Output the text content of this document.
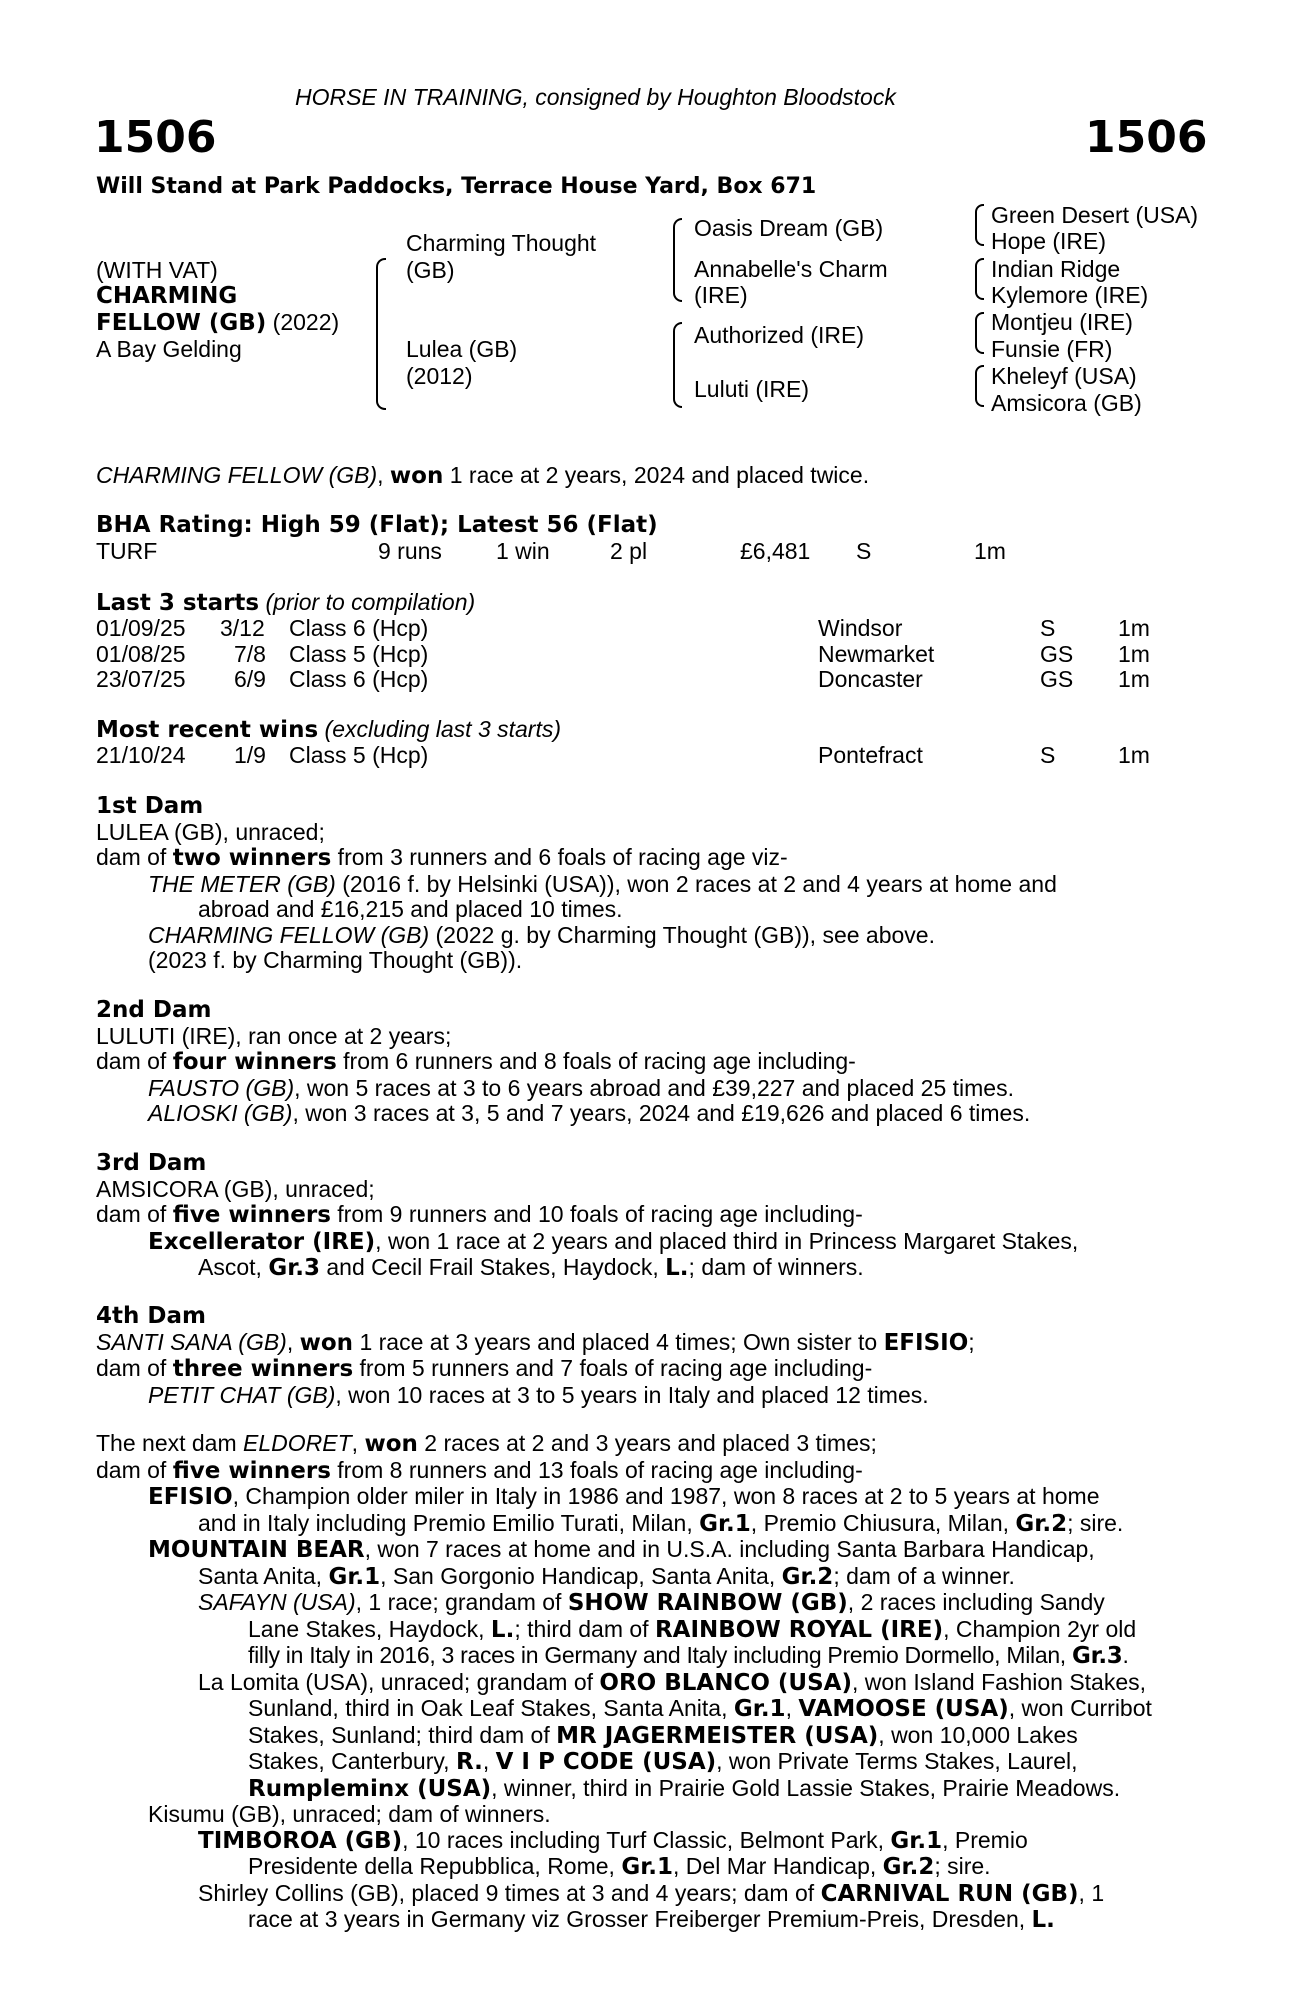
HORSE IN TRAINING, consigned by Houghton Bloodstock
1506	1506
Will Stand at Park Paddocks, Terrace House Yard, Box 671
(WITH VAT)
CHARMING
FELLOW (GB) (2022)
A Bay Gelding
Charming Thought
(GB)
Lulea (GB)
(2012)
Oasis Dream (GB)
Annabelle's Charm
(IRE)
Authorized (IRE)
Luluti (IRE)
Green Desert (USA)
Hope (IRE)
Indian Ridge
Kylemore (IRE)
Montjeu (IRE)
Funsie (FR)
Kheleyf (USA)
Amsicora (GB)
CHARMING FELLOW (GB), won 1 race at 2 years, 2024 and placed twice.
BHA Rating: High 59 (Flat); Latest 56 (Flat)
TURF	9 runs 1 win	2 pl	£6,481 S	1m
Last 3 starts (prior to compilation)
01/09/25 3/12 Class 6 (Hcp)	Windsor	S	1m
01/08/25 7/8 Class 5 (Hcp)	Newmarket	GS 1m
23/07/25 6/9 Class 6 (Hcp)	Doncaster	GS 1m
Most recent wins (excluding last 3 starts)
21/10/24 1/9 Class 5 (Hcp)	Pontefract	S	1m
1st Dam
LULEA (GB), unraced;
dam of two winners from 3 runners and 6 foals of racing age viz-
THE METER (GB) (2016 f. by Helsinki (USA)), won 2 races at 2 and 4 years at home and
abroad and £16,215 and placed 10 times.
CHARMING FELLOW (GB) (2022 g. by Charming Thought (GB)), see above.
(2023 f. by Charming Thought (GB)).
2nd Dam
LULUTI (IRE), ran once at 2 years;
dam of four winners from 6 runners and 8 foals of racing age including-
FAUSTO (GB), won 5 races at 3 to 6 years abroad and £39,227 and placed 25 times.
ALIOSKI (GB), won 3 races at 3, 5 and 7 years, 2024 and £19,626 and placed 6 times.
3rd Dam
AMSICORA (GB), unraced;
dam of five winners from 9 runners and 10 foals of racing age including-
Excellerator (IRE), won 1 race at 2 years and placed third in Princess Margaret Stakes,
Ascot, Gr.3 and Cecil Frail Stakes, Haydock, L.; dam of winners.
4th Dam
SANTI SANA (GB), won 1 race at 3 years and placed 4 times; Own sister to EFISIO;
dam of three winners from 5 runners and 7 foals of racing age including-
PETIT CHAT (GB), won 10 races at 3 to 5 years in Italy and placed 12 times.
The next dam ELDORET, won 2 races at 2 and 3 years and placed 3 times;
dam of five winners from 8 runners and 13 foals of racing age including-
EFISIO, Champion older miler in Italy in 1986 and 1987, won 8 races at 2 to 5 years at home
and in Italy including Premio Emilio Turati, Milan, Gr.1, Premio Chiusura, Milan, Gr.2; sire.
MOUNTAIN BEAR, won 7 races at home and in U.S.A. including Santa Barbara Handicap,
Santa Anita, Gr.1, San Gorgonio Handicap, Santa Anita, Gr.2; dam of a winner.
SAFAYN (USA), 1 race; grandam of SHOW RAINBOW (GB), 2 races including Sandy
Lane Stakes, Haydock, L.; third dam of RAINBOW ROYAL (IRE), Champion 2yr old
filly in Italy in 2016, 3 races in Germany and Italy including Premio Dormello, Milan, Gr.3.
La Lomita (USA), unraced; grandam of ORO BLANCO (USA), won Island Fashion Stakes,
Sunland, third in Oak Leaf Stakes, Santa Anita, Gr.1, VAMOOSE (USA), won Curribot
Stakes, Sunland; third dam of MR JAGERMEISTER (USA), won 10,000 Lakes
Stakes, Canterbury, R., V I P CODE (USA), won Private Terms Stakes, Laurel,
Rumpleminx (USA), winner, third in Prairie Gold Lassie Stakes, Prairie Meadows.
Kisumu (GB), unraced; dam of winners.
TIMBOROA (GB), 10 races including Turf Classic, Belmont Park, Gr.1, Premio
Presidente della Repubblica, Rome, Gr.1, Del Mar Handicap, Gr.2; sire.
Shirley Collins (GB), placed 9 times at 3 and 4 years; dam of CARNIVAL RUN (GB), 1
race at 3 years in Germany viz Grosser Freiberger Premium-Preis, Dresden, L.
